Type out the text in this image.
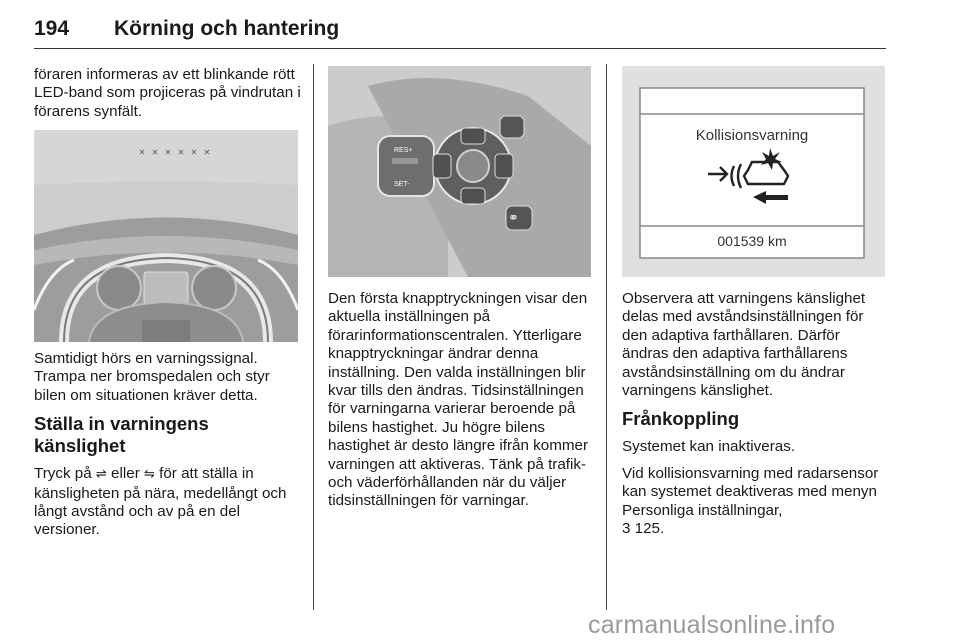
194 Körning och hantering

föraren informeras av ett blinkande rött LED-band som projiceras på vindrutan i förarens synfält.

✕ ✕ ✕ ✕ ✕ ✕

Samtidigt hörs en varningssignal. Trampa ner bromspedalen och styr bilen om situationen kräver detta.

Ställa in varningens känslighet

Tryck på ⇌ eller ⇋ för att ställa in känsligheten på nära, medellångt och långt avstånd och av på en del versioner.

RES+
SET-
⚭

Den första knapptryckningen visar den aktuella inställningen på förarinformationscentralen. Ytterligare knapptryckningar ändrar denna inställning. Den valda inställningen blir kvar tills den ändras. Tidsinställningen för varningarna varierar beroende på bilens hastighet. Ju högre bilens hastighet är desto längre ifrån kommer varningen att aktiveras. Tänk på trafik- och väderförhållanden när du väljer tidsinställningen för varningar.

Kollisionsvarning
001539 km

Observera att varningens känslighet delas med avståndsinställningen för den adaptiva farthållaren. Därför ändras den adaptiva farthållarens avståndsinställning om du ändrar varningens känslighet.

Frånkoppling

Systemet kan inaktiveras.

Vid kollisionsvarning med radarsensor kan systemet deaktiveras med menyn Personliga inställningar,
3 125.

carmanualsonline.info
